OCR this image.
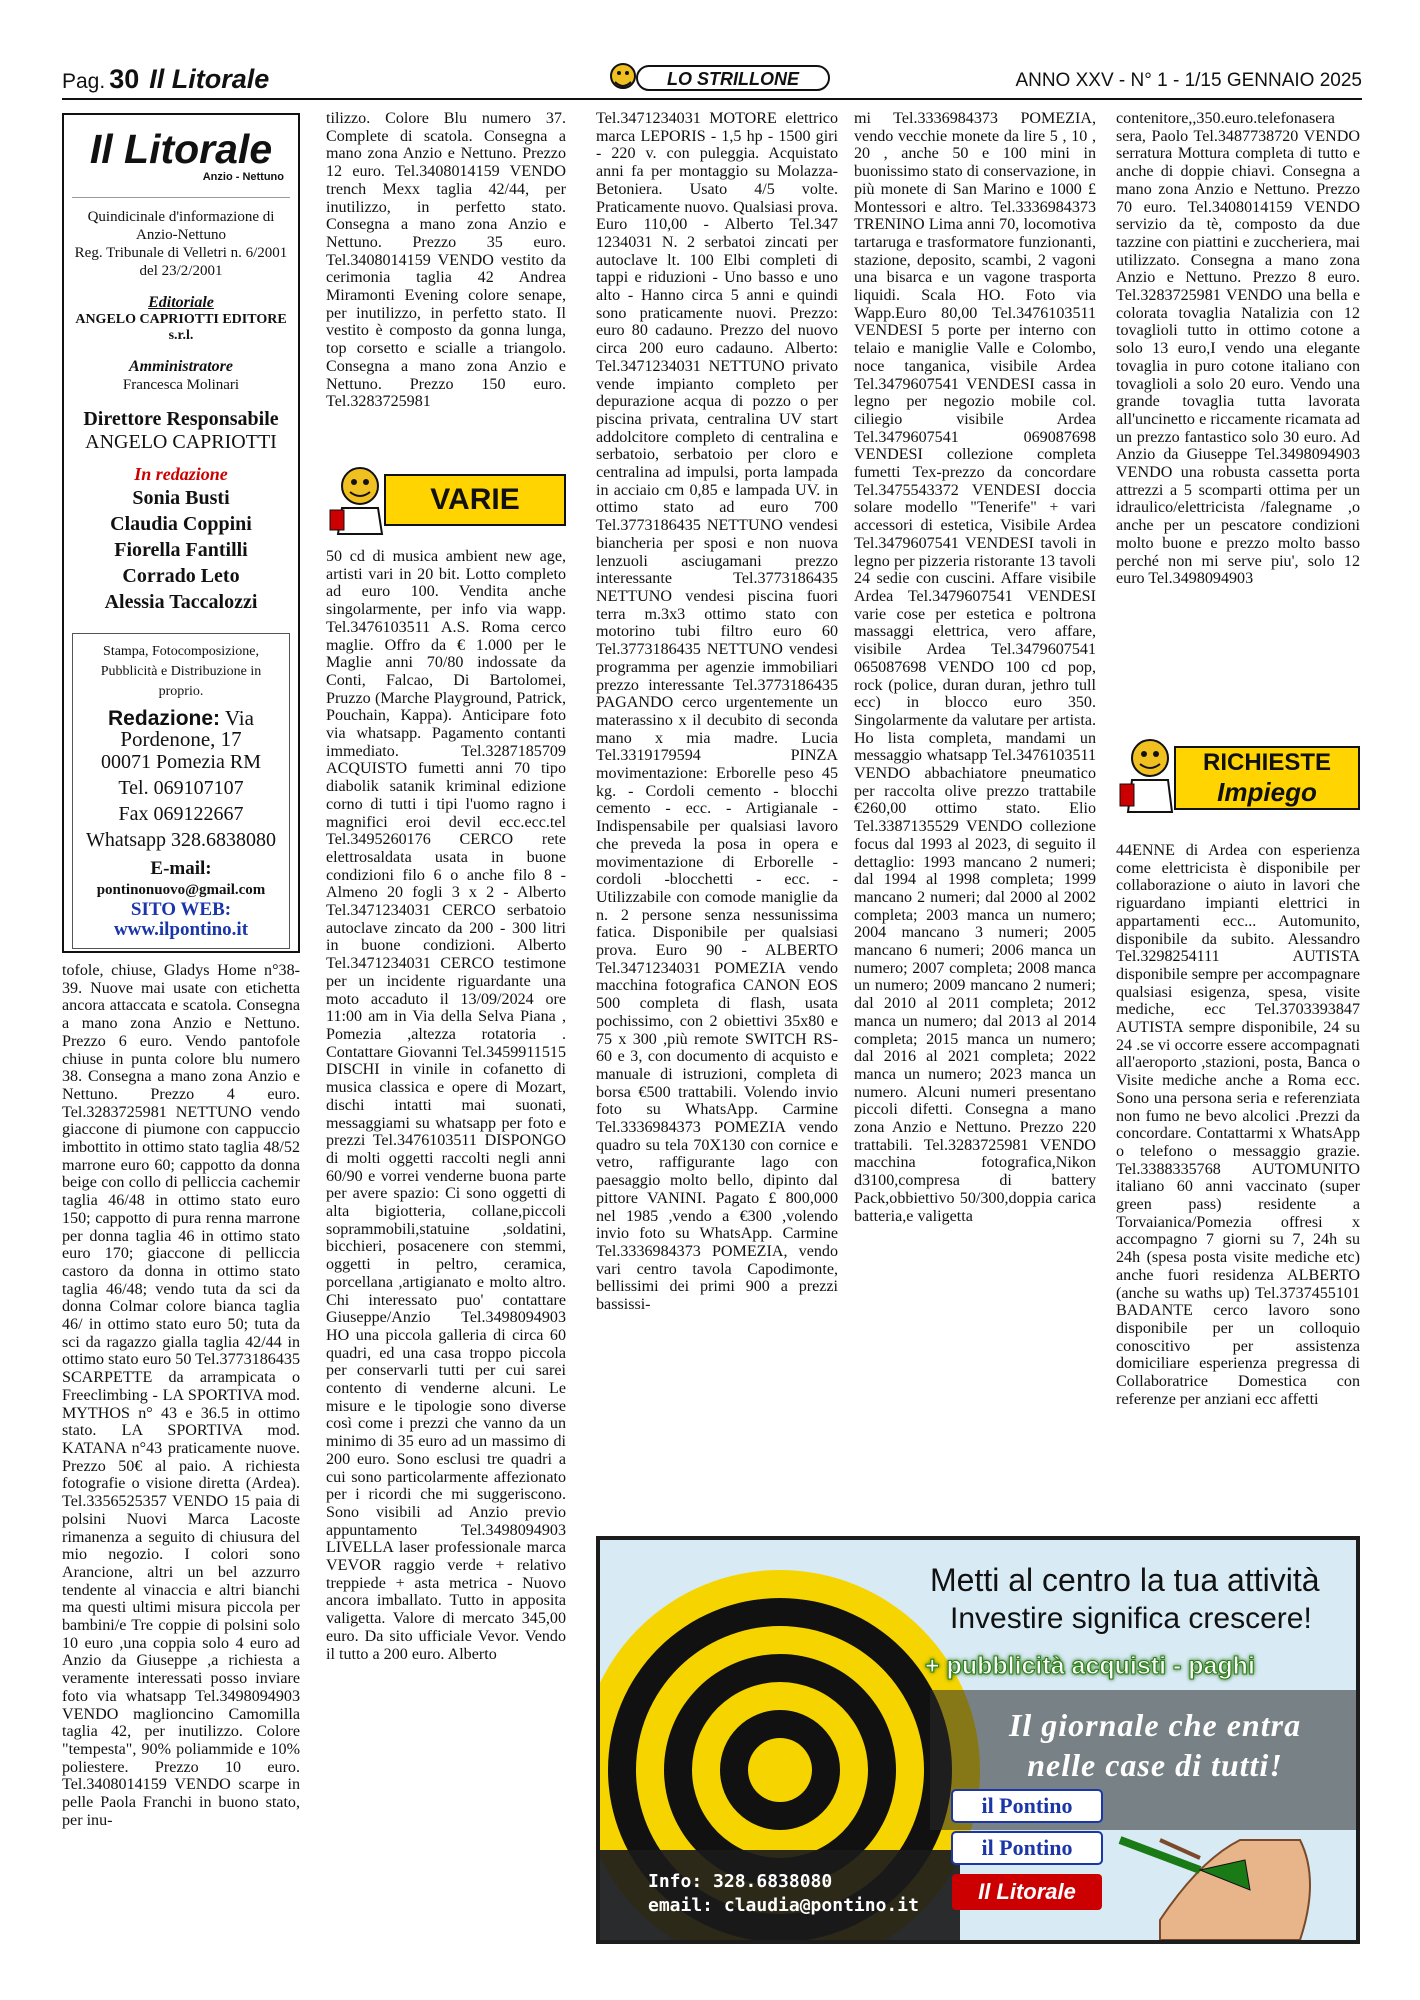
Pag. 30 Il Litorale	LO STRILLONE	ANNO XXV - N° 1 - 1/15 GENNAIO 2025
Il Litorale
Anzio - Nettuno
Quindicinale d'informazione di Anzio-Nettuno
Reg. Tribunale di Velletri n. 6/2001 del 23/2/2001
Editoriale
ANGELO CAPRIOTTI EDITORE s.r.l.
Amministratore
Francesca Molinari
Direttore Responsabile
ANGELO CAPRIOTTI
In redazione
Sonia Busti
Claudia Coppini
Fiorella Fantilli
Corrado Leto
Alessia Taccalozzi
Stampa, Fotocomposizione, Pubblicità e Distribuzione in proprio.
Redazione: Via Pordenone, 17
00071 Pomezia RM
Tel. 069107107
Fax 069122667
Whatsapp 328.6838080
E-mail: pontinonuovo@gmail.com
SITO WEB: www.ilpontino.it

tofole, chiuse, Gladys Home n°38-39. Nuove mai usate con etichetta ancora attaccata e scatola. Consegna a mano zona Anzio e Nettuno. Prezzo 6 euro. Vendo pantofole chiuse in punta colore blu numero 38. Consegna a mano zona Anzio e Nettuno. Prezzo 4 euro. Tel.3283725981 NETTUNO vendo giaccone di piumone con cappuccio imbottito in ottimo stato taglia 48/52 marrone euro 60; cappotto da donna beige con collo di pelliccia cachemir taglia 46/48 in ottimo stato euro 150; cappotto di pura renna marrone per donna taglia 46 in ottimo stato euro 170; giaccone di pelliccia castoro da donna in ottimo stato taglia 46/48; vendo tuta da sci da donna Colmar colore bianca taglia 46/ in ottimo stato euro 50; tuta da sci da ragazzo gialla taglia 42/44 in ottimo stato euro 50 Tel.3773186435 SCARPETTE da arrampicata o Freeclimbing - LA SPORTIVA mod. MYTHOS n° 43 e 36.5 in ottimo stato. LA SPORTIVA mod. KATANA n°43 praticamente nuove. Prezzo 50€ al paio. A richiesta fotografie o visione diretta (Ardea). Tel.3356525357 VENDO 15 paia di polsini Nuovi Marca Lacoste rimanenza a seguito di chiusura del mio negozio. I colori sono Arancione, altri un bel azzurro tendente al vinaccia e altri bianchi ma questi ultimi misura piccola per bambini/e Tre coppie di polsini solo 10 euro ,una coppia solo 4 euro ad Anzio da Giuseppe ,a richiesta a veramente interessati posso inviare foto via whatsapp Tel.3498094903 VENDO maglioncino Camomilla taglia 42, per inutilizzo. Colore "tempesta", 90% poliammide e 10% poliestere. Prezzo 10 euro. Tel.3408014159 VENDO scarpe in pelle Paola Franchi in buono stato, per inu-

tilizzo. Colore Blu numero 37. Complete di scatola. Consegna a mano zona Anzio e Nettuno. Prezzo 12 euro. Tel.3408014159 VENDO trench Mexx taglia 42/44, per inutilizzo, in perfetto stato. Consegna a mano zona Anzio e Nettuno. Prezzo 35 euro. Tel.3408014159 VENDO vestito da cerimonia taglia 42 Andrea Miramonti Evening colore senape, per inutilizzo, in perfetto stato. Il vestito è composto da gonna lunga, top corsetto e scialle a triangolo. Consegna a mano zona Anzio e Nettuno. Prezzo 150 euro. Tel.3283725981

VARIE

50 cd di musica ambient new age, artisti vari in 20 bit. Lotto completo ad euro 100. Vendita anche singolarmente, per info via wapp. Tel.3476103511 A.S. Roma cerco maglie. Offro da € 1.000 per le Maglie anni 70/80 indossate da Conti, Falcao, Di Bartolomei, Pruzzo (Marche Playground, Patrick, Pouchain, Kappa). Anticipare foto via whatsapp. Pagamento contanti immediato. Tel.3287185709 ACQUISTO fumetti anni 70 tipo diabolik satanik kriminal edizione corno di tutti i tipi l'uomo ragno i magnifici eroi devil ecc.ecc.tel Tel.3495260176 CERCO rete elettrosaldata usata in buone condizioni filo 6 o anche filo 8 - Almeno 20 fogli 3 x 2 - Alberto Tel.3471234031 CERCO serbatoio autoclave zincato da 200 - 300 litri in buone condizioni. Alberto Tel.3471234031 CERCO testimone per un incidente riguardante una moto accaduto il 13/09/2024 ore 11:00 am in Via della Selva Piana , Pomezia ,altezza rotatoria . Contattare Giovanni Tel.3459911515 DISCHI in vinile in cofanetto di musica classica e opere di Mozart, dischi intatti mai suonati, messaggiami su whatsapp per foto e prezzi Tel.3476103511 DISPONGO di molti oggetti raccolti negli anni 60/90 e vorrei venderne buona parte per avere spazio: Ci sono oggetti di alta bigiotteria, collane,piccoli soprammobili,statuine ,soldatini, bicchieri, posacenere con stemmi, oggetti in peltro, ceramica, porcellana ,artigianato e molto altro. Chi interessato puo' contattare Giuseppe/Anzio Tel.3498094903 HO una piccola galleria di circa 60 quadri, ed una casa troppo piccola per conservarli tutti per cui sarei contento di venderne alcuni. Le misure e le tipologie sono diverse così come i prezzi che vanno da un minimo di 35 euro ad un massimo di 200 euro. Sono esclusi tre quadri a cui sono particolarmente affezionato per i ricordi che mi suggeriscono. Sono visibili ad Anzio previo appuntamento Tel.3498094903 LIVELLA laser professionale marca VEVOR raggio verde + relativo treppiede + asta metrica - Nuovo ancora imballato. Tutto in apposita valigetta. Valore di mercato 345,00 euro. Da sito ufficiale Vevor. Vendo il tutto a 200 euro. Alberto

Tel.3471234031 MOTORE elettrico marca LEPORIS - 1,5 hp - 1500 giri - 220 v. con puleggia. Acquistato anni fa per montaggio su Molazza-Betoniera. Usato 4/5 volte. Praticamente nuovo. Qualsiasi prova. Euro 110,00 - Alberto Tel.347 1234031 N. 2 serbatoi zincati per autoclave lt. 100 Elbi completi di tappi e riduzioni - Uno basso e uno alto - Hanno circa 5 anni e quindi sono praticamente nuovi. Prezzo: euro 80 cadauno. Prezzo del nuovo circa 200 euro cadauno. Alberto: Tel.3471234031 NETTUNO privato vende impianto completo per depurazione acqua di pozzo o per piscina privata, centralina UV start addolcitore completo di centralina e serbatoio, serbatoio per cloro e centralina ad impulsi, porta lampada in acciaio cm 0,85 e lampada UV. in ottimo stato ad euro 700 Tel.3773186435 NETTUNO vendesi biancheria per sposi e non nuova lenzuoli asciugamani prezzo interessante Tel.3773186435 NETTUNO vendesi piscina fuori terra m.3x3 ottimo stato con motorino tubi filtro euro 60 Tel.3773186435 NETTUNO vendesi programma per agenzie immobiliari prezzo interessante Tel.3773186435 PAGANDO cerco urgentemente un materassino x il decubito di seconda mano x mia madre. Lucia Tel.3319179594 PINZA movimentazione: Erborelle peso 45 kg. - Cordoli cemento - blocchi cemento - ecc. - Artigianale - Indispensabile per qualsiasi lavoro che preveda la posa in opera e movimentazione di Erborelle - cordoli -blocchetti - ecc. - Utilizzabile con comode maniglie da n. 2 persone senza nessunissima fatica. Disponibile per qualsiasi prova. Euro 90 - ALBERTO Tel.3471234031 POMEZIA vendo macchina fotografica CANON EOS 500 completa di flash, usata pochissimo, con 2 obiettivi 35x80 e 75 x 300 ,più remote SWITCH RS-60 e 3, con documento di acquisto e manuale di istruzioni, completa di borsa €500 trattabili. Volendo invio foto su WhatsApp. Carmine Tel.3336984373 POMEZIA vendo quadro su tela 70X130 con cornice e vetro, raffigurante lago con paesaggio molto bello, dipinto dal pittore VANINI. Pagato £ 800,000 nel 1985 ,vendo a €300 ,volendo invio foto su WhatsApp. Carmine Tel.3336984373 POMEZIA, vendo vari centro tavola Capodimonte, bellissimi dei primi 900 a prezzi bassissi-

mi Tel.3336984373 POMEZIA, vendo vecchie monete da lire 5 , 10 , 20 , anche 50 e 100 mini in buonissimo stato di conservazione, in più monete di San Marino e 1000 £ Montessori e altro. Tel.3336984373 TRENINO Lima anni 70, locomotiva tartaruga e trasformatore funzionanti, stazione, deposito, scambi, 2 vagoni una bisarca e un vagone trasporta liquidi. Scala HO. Foto via Wapp.Euro 80,00 Tel.3476103511 VENDESI 5 porte per interno con telaio e maniglie Valle e Colombo, noce tanganica, visibile Ardea Tel.3479607541 VENDESI cassa in legno per negozio mobile col. ciliegio visibile Ardea Tel.3479607541 069087698 VENDESI collezione completa fumetti Tex-prezzo da concordare Tel.3475543372 VENDESI doccia solare modello "Tenerife" + vari accessori di estetica, Visibile Ardea Tel.3479607541 VENDESI tavoli in legno per pizzeria ristorante 13 tavoli 24 sedie con cuscini. Affare visibile Ardea Tel.3479607541 VENDESI varie cose per estetica e poltrona massaggi elettrica, vero affare, visibile Ardea Tel.3479607541 065087698 VENDO 100 cd pop, rock (police, duran duran, jethro tull ecc) in blocco euro 350. Singolarmente da valutare per artista. Ho lista completa, mandami un messaggio whatsapp Tel.3476103511 VENDO abbachiatore pneumatico per raccolta olive prezzo trattabile €260,00 ottimo stato. Elio Tel.3387135529 VENDO collezione focus dal 1993 al 2023, di seguito il dettaglio: 1993 mancano 2 numeri; dal 1994 al 1998 completa; 1999 mancano 2 numeri; dal 2000 al 2002 completa; 2003 manca un numero; 2004 mancano 3 numeri; 2005 mancano 6 numeri; 2006 manca un numero; 2007 completa; 2008 manca un numero; 2009 mancano 2 numeri; dal 2010 al 2011 completa; 2012 manca un numero; dal 2013 al 2014 completa; 2015 manca un numero; dal 2016 al 2021 completa; 2022 manca un numero; 2023 manca un numero. Alcuni numeri presentano piccoli difetti. Consegna a mano zona Anzio e Nettuno. Prezzo 220 trattabili. Tel.3283725981 VENDO macchina fotografica,Nikon d3100,compresa di battery Pack,obbiettivo 50/300,doppia carica batteria,e valigetta

contenitore,,350.euro.telefonasera sera, Paolo Tel.3487738720 VENDO serratura Mottura completa di tutto e anche di doppie chiavi. Consegna a mano zona Anzio e Nettuno. Prezzo 70 euro. Tel.3408014159 VENDO servizio da tè, composto da due tazzine con piattini e zuccheriera, mai utilizzato. Consegna a mano zona Anzio e Nettuno. Prezzo 8 euro. Tel.3283725981 VENDO una bella e colorata tovaglia Natalizia con 12 tovaglioli tutto in ottimo cotone a solo 13 euro,I vendo una elegante tovaglia in puro cotone italiano con tovaglioli a solo 20 euro. Vendo una grande tovaglia tutta lavorata all'uncinetto e riccamente ricamata ad un prezzo fantastico solo 30 euro. Ad Anzio da Giuseppe Tel.3498094903 VENDO una robusta cassetta porta attrezzi a 5 scomparti ottima per un idraulico/elettricista /falegname ,o anche per un pescatore condizioni molto buone e prezzo molto basso perché non mi serve piu', solo 12 euro Tel.3498094903

RICHIESTE
Impiego

44ENNE di Ardea con esperienza come elettricista è disponibile per collaborazione o aiuto in lavori che riguardano impianti elettrici in appartamenti ecc... Automunito, disponibile da subito. Alessandro Tel.3298254111 AUTISTA disponibile sempre per accompagnare qualsiasi esigenza, spesa, visite mediche, ecc Tel.3703393847 AUTISTA sempre disponibile, 24 su 24 .se vi occorre essere accompagnati all'aeroporto ,stazioni, posta, Banca o Visite mediche anche a Roma ecc. Sono una persona seria e referenziata non fumo ne bevo alcolici .Prezzi da concordare. Contattarmi x WhatsApp o telefono o messaggio grazie. Tel.3388335768 AUTOMUNITO italiano 60 anni vaccinato (super green pass) residente a Torvaianica/Pomezia offresi x accompagno 7 giorni su 7, 24h su 24h (spesa posta visite mediche etc) anche fuori residenza ALBERTO (anche su waths up) Tel.3737455101 BADANTE cerco lavoro sono disponibile per un colloquio conoscitivo per assistenza domiciliare esperienza pregressa di Collaboratrice Domestica con referenze per anziani ecc affetti

il Pontino
il Pontino
Il Litorale
Metti al centro la tua attività
Investire significa crescere!
+ pubblicità acquisti - paghi
Il giornale che entra
nelle case di tutti!
Info: 328.6838080
email: claudia@pontino.it
